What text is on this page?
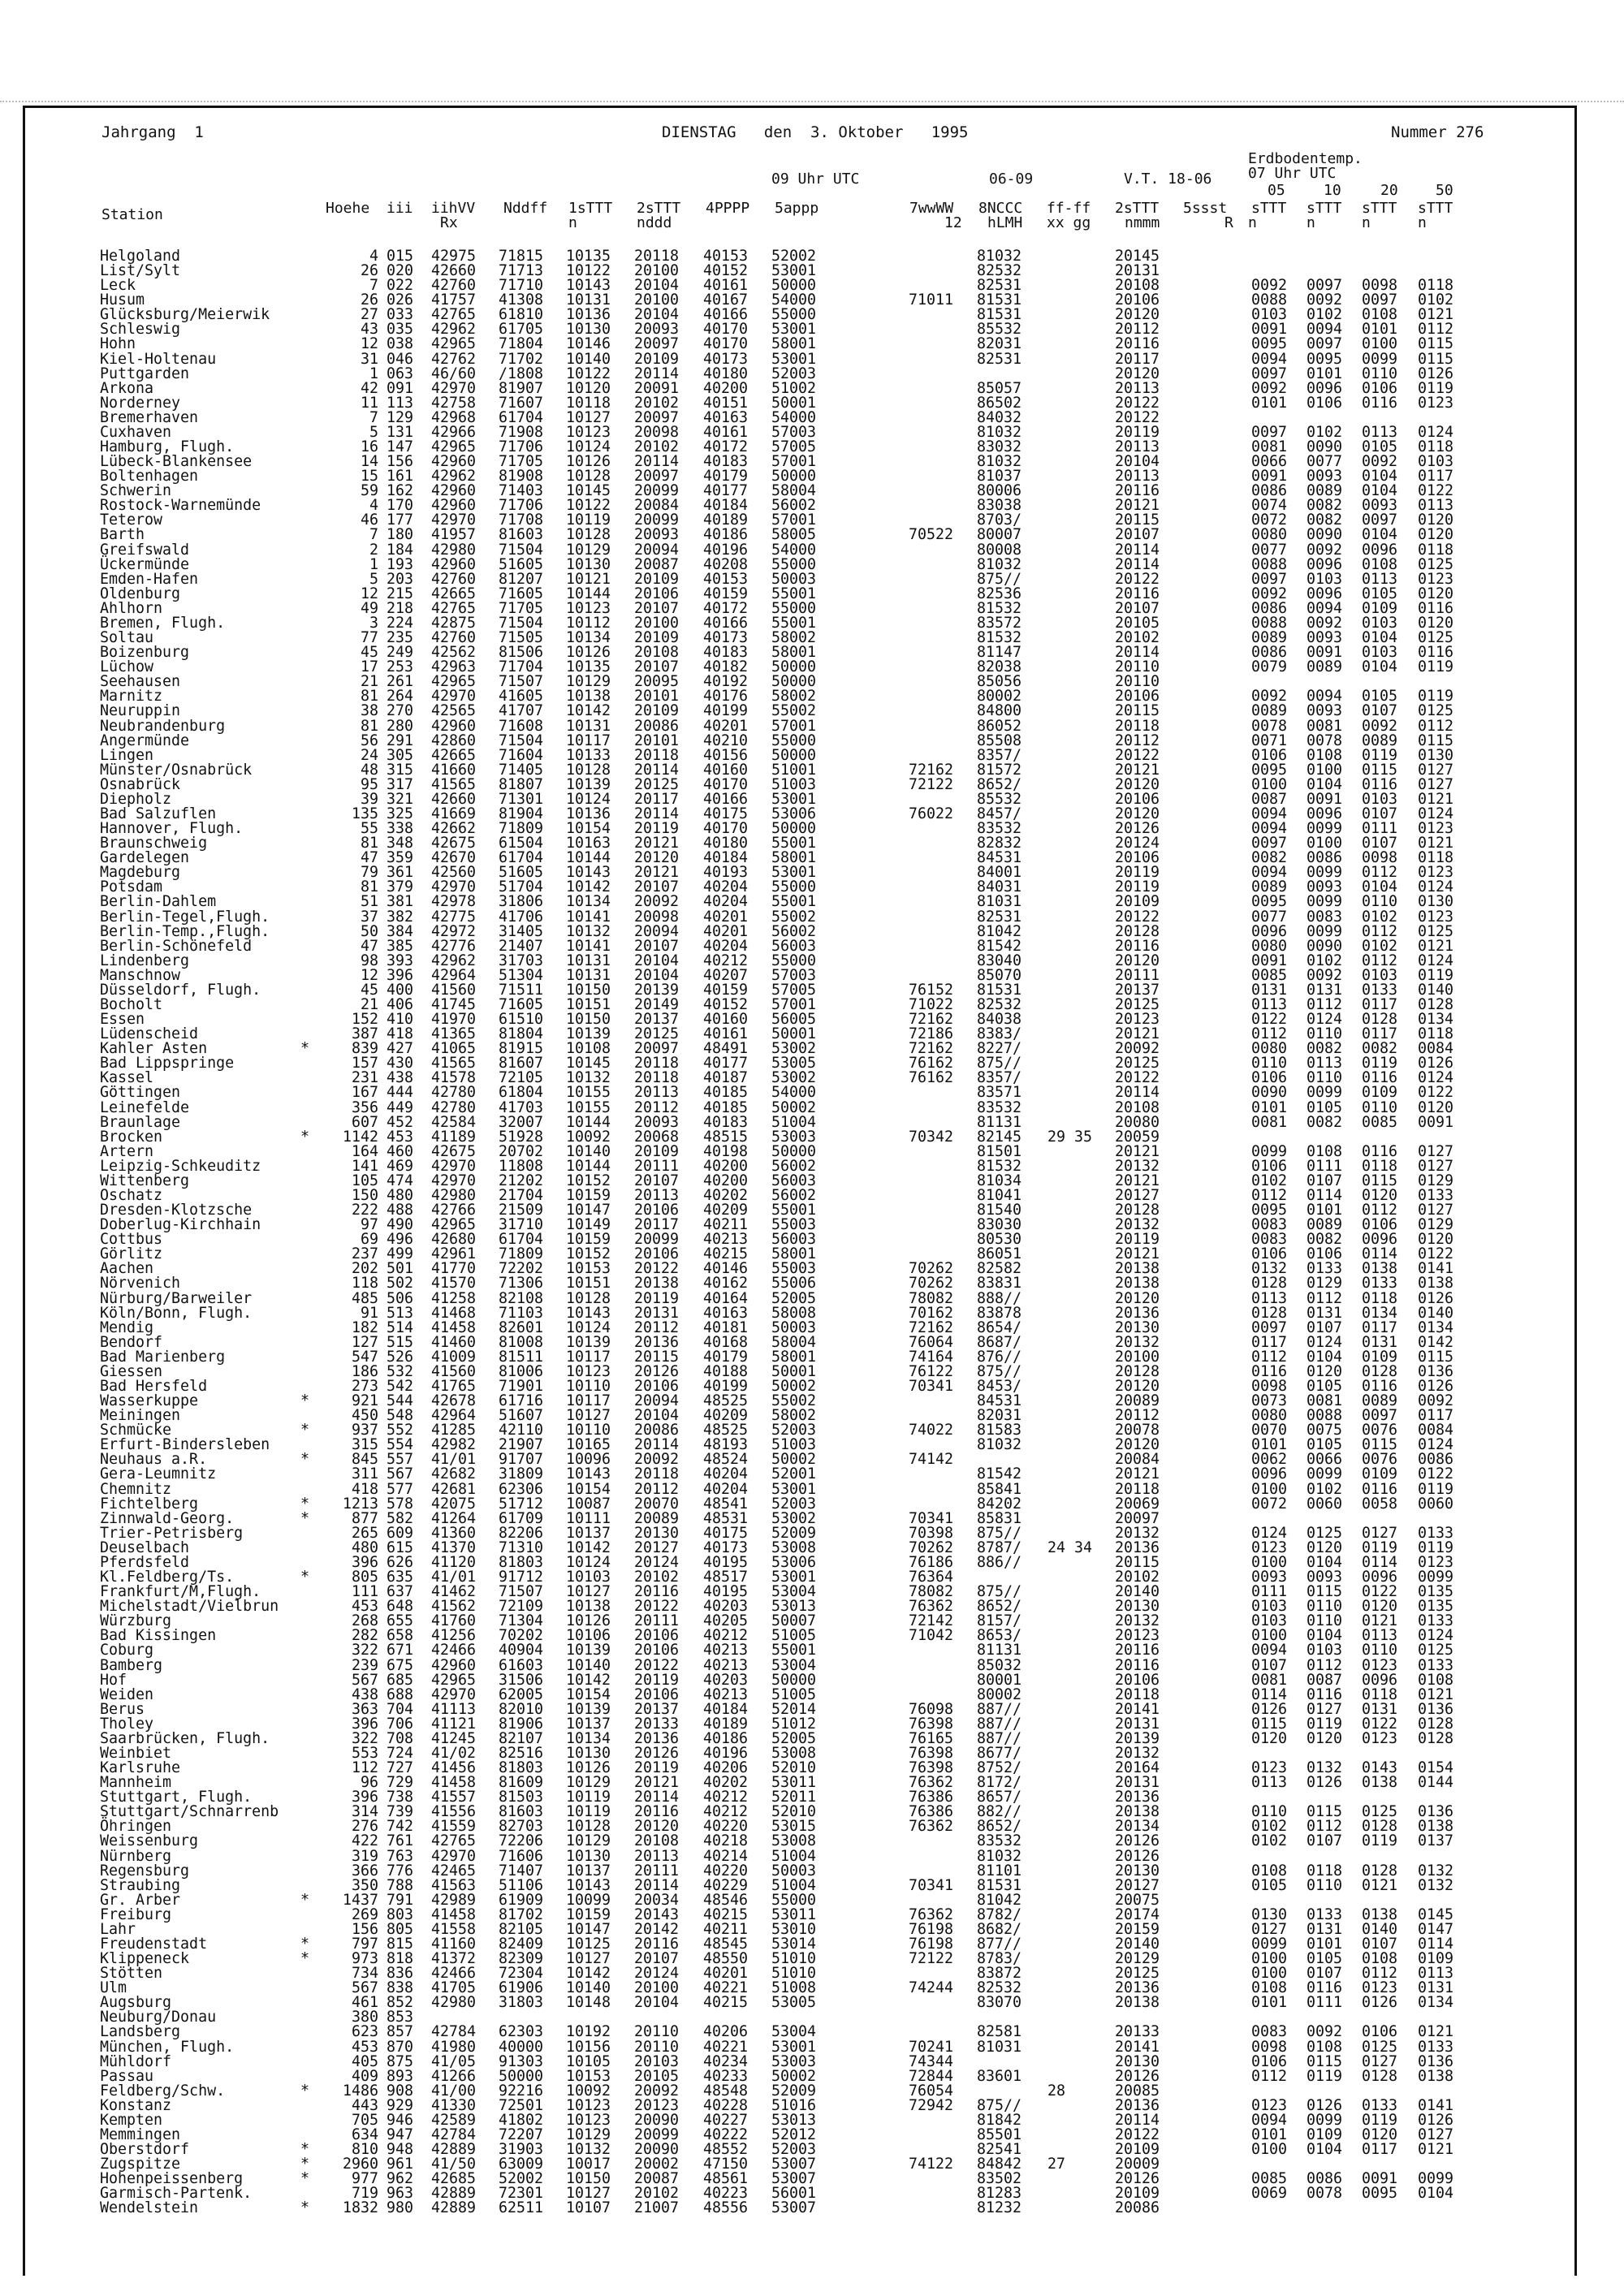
Jahrgang  1	DIENSTAG   den  3. Oktober   1995	Nummer 276
Erdbodentemp.
09 Uhr UTC	06-09	V.T. 18-06 07 Uhr UTC
05	10	20	50
Station	Hoehe iii iihVV Nddff 1sTTT 2sTTT 4PPPP 5appp	7wwWW 8NCCC ff-ff 2sTTT 5ssst sTTT sTTT sTTT sTTT
Rx	n	nddd	12 hLMH xx gg nmmm	R n	n	n	n
Helgoland	4 015 42975 71815 10135 20118 40153 52002	81032	20145
List/Sylt	26 020 42660 71713 10122 20100 40152 53001	82532	20131
Leck	7 022 42760 71710 10143 20104 40161 50000	82531	20108	0092 0097 0098 0118
Husum	26 026 41757 41308 10131 20100 40167 54000	71011 81531	20106	0088 0092 0097 0102
Glücksburg/Meierwik	27 033 42765 61810 10136 20104 40166 55000	81531	20120	0103 0102 0108 0121
Schleswig	43 035 42962 61705 10130 20093 40170 53001	85532	20112	0091 0094 0101 0112
Hohn	12 038 42965 71804 10146 20097 40170 58001	82031	20116	0095 0097 0100 0115
Kiel-Holtenau	31 046 42762 71702 10140 20109 40173 53001	82531	20117	0094 0095 0099 0115
Puttgarden	1 063 46/60 /1808 10122 20114 40180 52003	20120	0097 0101 0110 0126
Arkona	42 091 42970 81907 10120 20091 40200 51002	85057	20113	0092 0096 0106 0119
Norderney	11 113 42758 71607 10118 20102 40151 50001	86502	20122	0101 0106 0116 0123
Bremerhaven	7 129 42968 61704 10127 20097 40163 54000	84032	20122
Cuxhaven	5 131 42966 71908 10123 20098 40161 57003	81032	20119	0097 0102 0113 0124
Hamburg, Flugh.	16 147 42965 71706 10124 20102 40172 57005	83032	20113	0081 0090 0105 0118
Lübeck-Blankensee	14 156 42960 71705 10126 20114 40183 57001	81032	20104	0066 0077 0092 0103
Boltenhagen	15 161 42962 81908 10128 20097 40179 50000	81037	20113	0091 0093 0104 0117
Schwerin	59 162 42960 71403 10145 20099 40177 58004	80006	20116	0086 0089 0104 0122
Rostock-Warnemünde	4 170 42960 71706 10122 20084 40184 56002	83038	20121	0074 0082 0093 0113
Teterow	46 177 42970 71708 10119 20099 40189 57001	8703/	20115	0072 0082 0097 0120
Barth	7 180 41957 81603 10128 20093 40186 58005	70522 80007	20107	0080 0090 0104 0120
Greifswald	2 184 42980 71504 10129 20094 40196 54000	80008	20114	0077 0092 0096 0118
Ückermünde	1 193 42960 51605 10130 20087 40208 55000	81032	20114	0088 0096 0108 0125
Emden-Hafen	5 203 42760 81207 10121 20109 40153 50003	875//	20122	0097 0103 0113 0123
Oldenburg	12 215 42665 71605 10144 20106 40159 55001	82536	20116	0092 0096 0105 0120
Ahlhorn	49 218 42765 71705 10123 20107 40172 55000	81532	20107	0086 0094 0109 0116
Bremen, Flugh.	3 224 42875 71504 10112 20100 40166 55001	83572	20105	0088 0092 0103 0120
Soltau	77 235 42760 71505 10134 20109 40173 58002	81532	20102	0089 0093 0104 0125
Boizenburg	45 249 42562 81506 10126 20108 40183 58001	81147	20114	0086 0091 0103 0116
Lüchow	17 253 42963 71704 10135 20107 40182 50000	82038	20110	0079 0089 0104 0119
Seehausen	21 261 42965 71507 10129 20095 40192 50000	85056	20110
Marnitz	81 264 42970 41605 10138 20101 40176 58002	80002	20106	0092 0094 0105 0119
Neuruppin	38 270 42565 41707 10142 20109 40199 55002	84800	20115	0089 0093 0107 0125
Neubrandenburg	81 280 42960 71608 10131 20086 40201 57001	86052	20118	0078 0081 0092 0112
Angermünde	56 291 42860 71504 10117 20101 40210 55000	85508	20112	0071 0078 0089 0115
Lingen	24 305 42665 71604 10133 20118 40156 50000	8357/	20122	0106 0108 0119 0130
Münster/Osnabrück	48 315 41660 71405 10128 20114 40160 51001	72162 81572	20121	0095 0100 0115 0127
Osnabrück	95 317 41565 81807 10139 20125 40170 51003	72122 8652/	20120	0100 0104 0116 0127
Diepholz	39 321 42660 71301 10124 20117 40166 53001	85532	20106	0087 0091 0103 0121
Bad Salzuflen	135 325 41669 81904 10136 20114 40175 53006	76022 8457/	20120	0094 0096 0107 0124
Hannover, Flugh.	55 338 42662 71809 10154 20119 40170 50000	83532	20126	0094 0099 0111 0123
Braunschweig	81 348 42675 61504 10163 20121 40180 55001	82832	20124	0097 0100 0107 0121
Gardelegen	47 359 42670 61704 10144 20120 40184 58001	84531	20106	0082 0086 0098 0118
Magdeburg	79 361 42560 51605 10143 20121 40193 53001	84001	20119	0094 0099 0112 0123
Potsdam	81 379 42970 51704 10142 20107 40204 55000	84031	20119	0089 0093 0104 0124
Berlin-Dahlem	51 381 42978 31806 10134 20092 40204 55001	81031	20109	0095 0099 0110 0130
Berlin-Tegel,Flugh.	37 382 42775 41706 10141 20098 40201 55002	82531	20122	0077 0083 0102 0123
Berlin-Temp.,Flugh.	50 384 42972 31405 10132 20094 40201 56002	81042	20128	0096 0099 0112 0125
Berlin-Schönefeld	47 385 42776 21407 10141 20107 40204 56003	81542	20116	0080 0090 0102 0121
Lindenberg	98 393 42962 31703 10131 20104 40212 55000	83040	20120	0091 0102 0112 0124
Manschnow	12 396 42964 51304 10131 20104 40207 57003	85070	20111	0085 0092 0103 0119
Düsseldorf, Flugh.	45 400 41560 71511 10150 20139 40159 57005	76152 81531	20137	0131 0131 0133 0140
Bocholt	21 406 41745 71605 10151 20149 40152 57001	71022 82532	20125	0113 0112 0117 0128
Essen	152 410 41970 61510 10150 20137 40160 56005	72162 84038	20123	0122 0124 0128 0134
Lüdenscheid	387 418 41365 81804 10139 20125 40161 50001	72186 8383/	20121	0112 0110 0117 0118
Kahler Asten	*	839 427 41065 81915 10108 20097 48491 53002	72162 8227/	20092	0080 0082 0082 0084
Bad Lippspringe	157 430 41565 81607 10145 20118 40177 53005	76162 875//	20125	0110 0113 0119 0126
Kassel	231 438 41578 72105 10132 20118 40187 53002	76162 8357/	20122	0106 0110 0116 0124
Göttingen	167 444 42780 61804 10155 20113 40185 54000	83571	20114	0090 0099 0109 0122
Leinefelde	356 449 42780 41703 10155 20112 40185 50002	83532	20108	0101 0105 0110 0120
Braunlage	607 452 42584 32007 10144 20093 40183 51004	81131	20080	0081 0082 0085 0091
Brocken	* 1142 453 41189 51928 10092 20068 48515 53003	70342 82145 29 35 20059
Artern	164 460 42675 20702 10140 20109 40198 50000	81501	20121	0099 0108 0116 0127
Leipzig-Schkeuditz	141 469 42970 11808 10144 20111 40200 56002	81532	20132	0106 0111 0118 0127
Wittenberg	105 474 42970 21202 10152 20107 40200 56003	81034	20121	0102 0107 0115 0129
Oschatz	150 480 42980 21704 10159 20113 40202 56002	81041	20127	0112 0114 0120 0133
Dresden-Klotzsche	222 488 42766 21509 10147 20106 40209 55001	81540	20128	0095 0101 0112 0127
Doberlug-Kirchhain	97 490 42965 31710 10149 20117 40211 55003	83030	20132	0083 0089 0106 0129
Cottbus	69 496 42680 61704 10159 20099 40213 56003	80530	20119	0083 0082 0096 0120
Görlitz	237 499 42961 71809 10152 20106 40215 58001	86051	20121	0106 0106 0114 0122
Aachen	202 501 41770 72202 10153 20122 40146 55003	70262 82582	20138	0132 0133 0138 0141
Nörvenich	118 502 41570 71306 10151 20138 40162 55006	70262 83831	20138	0128 0129 0133 0138
Nürburg/Barweiler	485 506 41258 82108 10128 20119 40164 52005	78082 888//	20120	0113 0112 0118 0126
Köln/Bonn, Flugh.	91 513 41468 71103 10143 20131 40163 58008	70162 83878	20136	0128 0131 0134 0140
Mendig	182 514 41458 82601 10124 20112 40181 50003	72162 8654/	20130	0097 0107 0117 0134
Bendorf	127 515 41460 81008 10139 20136 40168 58004	76064 8687/	20132	0117 0124 0131 0142
Bad Marienberg	547 526 41009 81511 10117 20115 40179 58001	74164 876//	20100	0112 0104 0109 0115
Giessen	186 532 41560 81006 10123 20126 40188 50001	76122 875//	20128	0116 0120 0128 0136
Bad Hersfeld	273 542 41765 71901 10110 20106 40199 50002	70341 8453/	20120	0098 0105 0116 0126
Wasserkuppe	*	921 544 42678 61716 10117 20094 48525 55002	84531	20089	0073 0081 0089 0092
Meiningen	450 548 42964 51607 10127 20104 40209 58002	82031	20112	0080 0088 0097 0117
Schmücke	*	937 552 41285 42110 10110 20086 48525 52003	74022 81583	20078	0070 0075 0076 0084
Erfurt-Bindersleben	315 554 42982 21907 10165 20114 48193 51003	81032	20120	0101 0105 0115 0124
Neuhaus a.R.	*	845 557 41/01 91707 10096 20092 48524 50002	74142	20084	0062 0066 0076 0086
Gera-Leumnitz	311 567 42682 31809 10143 20118 40204 52001	81542	20121	0096 0099 0109 0122
Chemnitz	418 577 42681 62306 10154 20112 40204 53001	85841	20118	0100 0102 0116 0119
Fichtelberg	* 1213 578 42075 51712 10087 20070 48541 52003	84202	20069	0072 0060 0058 0060
Zinnwald-Georg.	*	877 582 41264 61709 10111 20089 48531 53002	70341 85831	20097
Trier-Petrisberg	265 609 41360 82206 10137 20130 40175 52009	70398 875//	20132	0124 0125 0127 0133
Deuselbach	480 615 41370 71310 10142 20127 40173 53008	70262 8787/ 24 34 20136	0123 0120 0119 0119
Pferdsfeld	396 626 41120 81803 10124 20124 40195 53006	76186 886//	20115	0100 0104 0114 0123
Kl.Feldberg/Ts.	*	805 635 41/01 91712 10103 20102 48517 53001	76364	20102	0093 0093 0096 0099
Frankfurt/M,Flugh.	111 637 41462 71507 10127 20116 40195 53004	78082 875//	20140	0111 0115 0122 0135
Michelstadt/Vielbrun	453 648 41562 72109 10138 20122 40203 53013	76362 8652/	20130	0103 0110 0120 0135
Würzburg	268 655 41760 71304 10126 20111 40205 50007	72142 8157/	20132	0103 0110 0121 0133
Bad Kissingen	282 658 41256 70202 10106 20106 40212 51005	71042 8653/	20123	0100 0104 0113 0124
Coburg	322 671 42466 40904 10139 20106 40213 55001	81131	20116	0094 0103 0110 0125
Bamberg	239 675 42960 61603 10140 20122 40213 53004	85032	20116	0107 0112 0123 0133
Hof	567 685 42965 31506 10142 20119 40203 50000	80001	20106	0081 0087 0096 0108
Weiden	438 688 42970 62005 10154 20106 40213 51005	80002	20118	0114 0116 0118 0121
Berus	363 704 41113 82010 10139 20137 40184 52014	76098 887//	20141	0126 0127 0131 0136
Tholey	396 706 41121 81906 10137 20133 40189 51012	76398 887//	20131	0115 0119 0122 0128
Saarbrücken, Flugh.	322 708 41245 82107 10134 20136 40186 52005	76165 887//	20139	0120 0120 0123 0128
Weinbiet	553 724 41/02 82516 10130 20126 40196 53008	76398 8677/	20132
Karlsruhe	112 727 41456 81803 10126 20119 40206 52010	76398 8752/	20164	0123 0132 0143 0154
Mannheim	96 729 41458 81609 10129 20121 40202 53011	76362 8172/	20131	0113 0126 0138 0144
Stuttgart, Flugh.	396 738 41557 81503 10119 20114 40212 52011	76386 8657/	20136
Stuttgart/Schnarrenb	314 739 41556 81603 10119 20116 40212 52010	76386 882//	20138	0110 0115 0125 0136
Öhringen	276 742 41559 82703 10128 20120 40220 53015	76362 8652/	20134	0102 0112 0128 0138
Weissenburg	422 761 42765 72206 10129 20108 40218 53008	83532	20126	0102 0107 0119 0137
Nürnberg	319 763 42970 71606 10130 20113 40214 51004	81032	20126
Regensburg	366 776 42465 71407 10137 20111 40220 50003	81101	20130	0108 0118 0128 0132
Straubing	350 788 41563 51106 10143 20114 40229 51004	70341 81531	20127	0105 0110 0121 0132
Gr. Arber	* 1437 791 42989 61909 10099 20034 48546 55000	81042	20075
Freiburg	269 803 41458 81702 10159 20143 40215 53011	76362 8782/	20174	0130 0133 0138 0145
Lahr	156 805 41558 82105 10147 20142 40211 53010	76198 8682/	20159	0127 0131 0140 0147
Freudenstadt	*	797 815 41160 82409 10125 20116 48545 53014	76198 877//	20140	0099 0101 0107 0114
Klippeneck	*	973 818 41372 82309 10127 20107 48550 51010	72122 8783/	20129	0100 0105 0108 0109
Stötten	734 836 42466 72304 10142 20124 40201 51010	83872	20125	0100 0107 0112 0113
Ulm	567 838 41705 61906 10140 20100 40221 51008	74244 82532	20136	0108 0116 0123 0131
Augsburg	461 852 42980 31803 10148 20104 40215 53005	83070	20138	0101 0111 0126 0134
Neuburg/Donau	380 853
Landsberg	623 857 42784 62303 10192 20110 40206 53004	82581	20133	0083 0092 0106 0121
München, Flugh.	453 870 41980 40000 10156 20110 40221 53001	70241 81031	20141	0098 0108 0125 0133
Mühldorf	405 875 41/05 91303 10105 20103 40234 53003	74344	20130	0106 0115 0127 0136
Passau	409 893 41266 50000 10153 20105 40233 50002	72844 83601	20126	0112 0119 0128 0138
Feldberg/Schw.	* 1486 908 41/00 92216 10092 20092 48548 52009	76054	28	20085
Konstanz	443 929 41330 72501 10123 20123 40228 51016	72942 875//	20136	0123 0126 0133 0141
Kempten	705 946 42589 41802 10123 20090 40227 53013	81842	20114	0094 0099 0119 0126
Memmingen	634 947 42784 72207 10129 20099 40222 52012	85501	20122	0101 0109 0120 0127
Oberstdorf	*	810 948 42889 31903 10132 20090 48552 52003	82541	20109	0100 0104 0117 0121
Zugspitze	* 2960 961 41/50 63009 10017 20002 47150 53007	74122 84842 27	20009
Hohenpeissenberg	*	977 962 42685 52002 10150 20087 48561 53007	83502	20126	0085 0086 0091 0099
Garmisch-Partenk.	719 963 42889 72301 10127 20102 40223 56001	81283	20109	0069 0078 0095 0104
Wendelstein	* 1832 980 42889 62511 10107 21007 48556 53007	81232	20086
